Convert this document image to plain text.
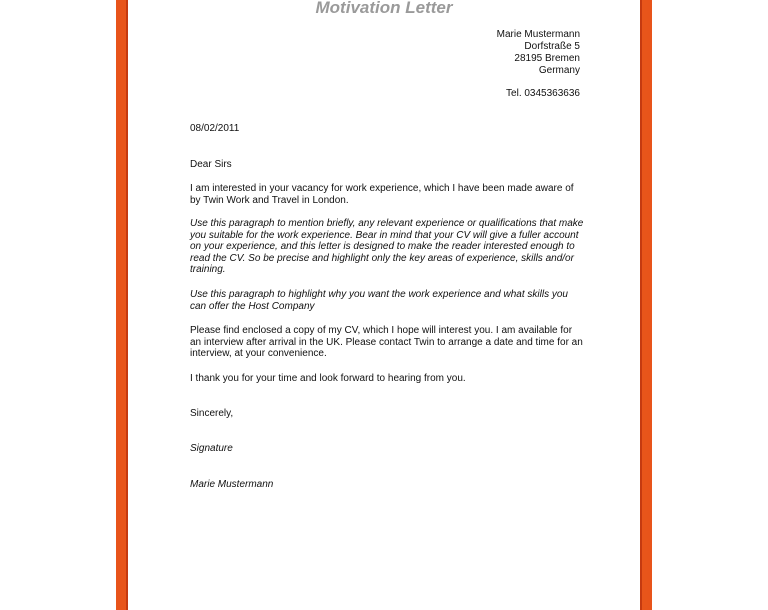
Motivation Letter
Marie Mustermann
Dorfstraße 5
28195 Bremen
Germany
Tel. 0345363636
08/02/2011
Dear Sirs
I am interested in your vacancy for work experience, which I have been made aware of by Twin Work and Travel in London.
Use this paragraph to mention briefly, any relevant experience or qualifications that make you suitable for the work experience. Bear in mind that your CV will give a fuller account on your experience, and this letter is designed to make the reader interested enough to read the CV. So be precise and highlight only the key areas of experience, skills and/or training.
Use this paragraph to highlight why you want the work experience and what skills you can offer the Host Company
Please find enclosed a copy of my CV, which I hope will interest you. I am available for an interview after arrival in the UK. Please contact Twin to arrange a date and time for an interview, at your convenience.
I thank you for your time and look forward to hearing from you.
Sincerely,
Signature
Marie Mustermann
